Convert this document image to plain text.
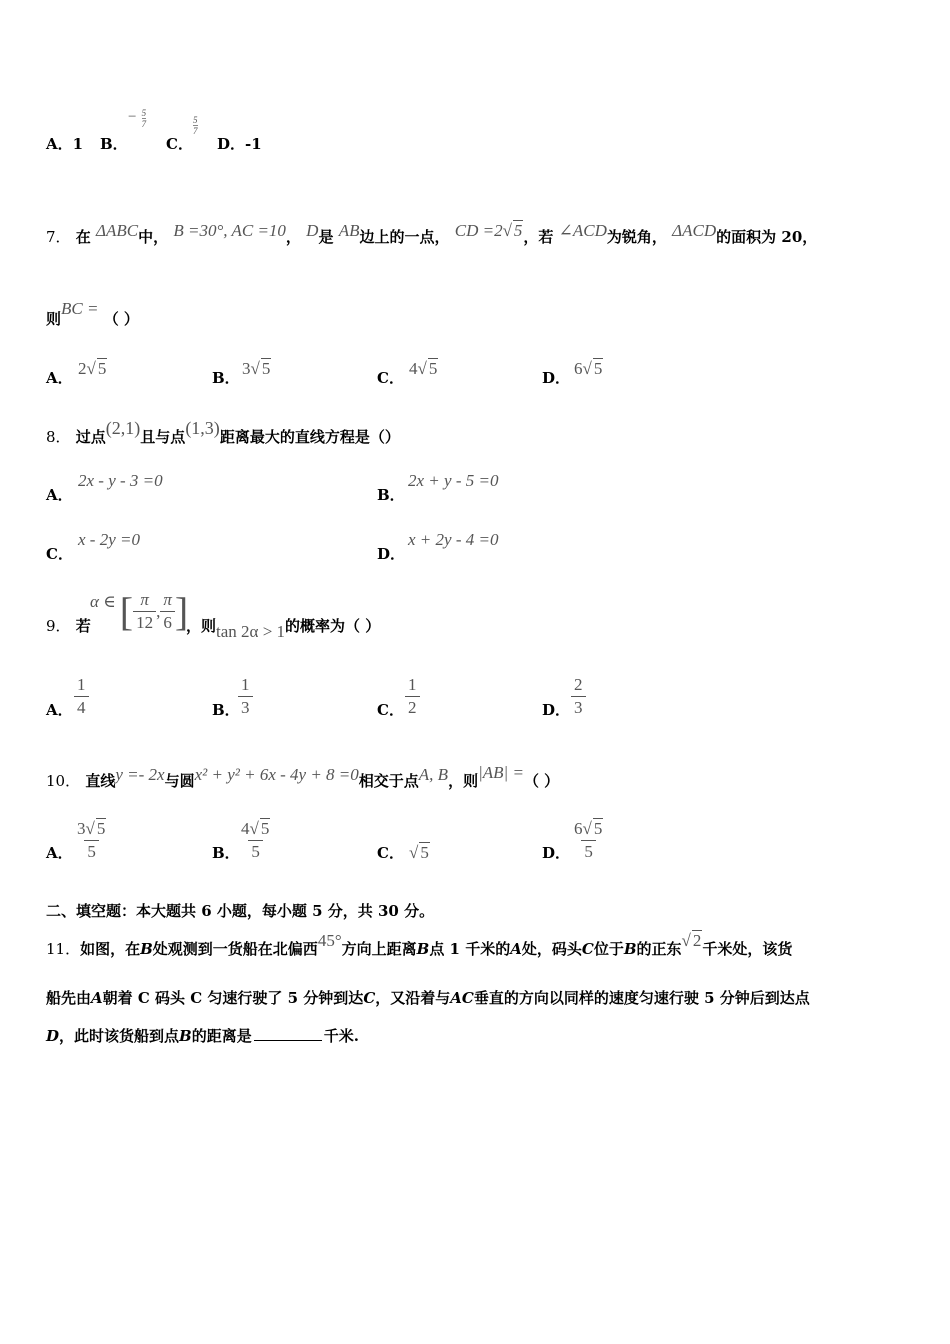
A．1 B．
− $\frac{5}{7}$
C．
$\frac{5}{7}$
D．-1
7． 在 ΔABC中， B =30°, AC =10， D是 AB边上的一点， CD =2√ 5，若 ∠ACD为锐角， ΔACD的面积为 20，
则BC = （ ）
A． 2√ 5	B． 3√ 5	C． 4√ 5	D． 6√ 5
8． 过点(2,1)且与点(1,3)距离最大的直线方程是（）
A．
2x - y - 3 =0
B．
2x + y - 5 =0
C．
x - 2y =0
D．
x + 2y - 4 =0
9． 若
α ∈ [ $\frac{\pi}{12}$ , $\frac{\pi}{6}$ ]
，则tan 2α > 1的概率为（ ）
A． $\frac{1}{4}$	B．
$\frac{1}{3}$	C． $\frac{1}{2}$	D． $\frac{2}{3}$
10． 直线y =- 2x与圆x² + y² + 6x - 4y + 8 =0相交于点A, B，则|AB| =（ ）
A． $\frac{3√ 5}{5}$	B．
$\frac{4√ 5}{5}$	C． √ 5	D． $\frac{6√ 5}{5}$
二、填空题：本大题共 6 小题，每小题 5 分，共 30 分。
11．如图，在B处观测到一货船在北偏西45°方向上距离B点 1 千米的A处，码头C位于B的正东√ 2千米处，该货
船先由A朝着 C 码头 C 匀速行驶了 5 分钟到达C，又沿着与AC垂直的方向以同样的速度匀速行驶 5 分钟后到达点
D，此时该货船到点B的距离是	千米.
